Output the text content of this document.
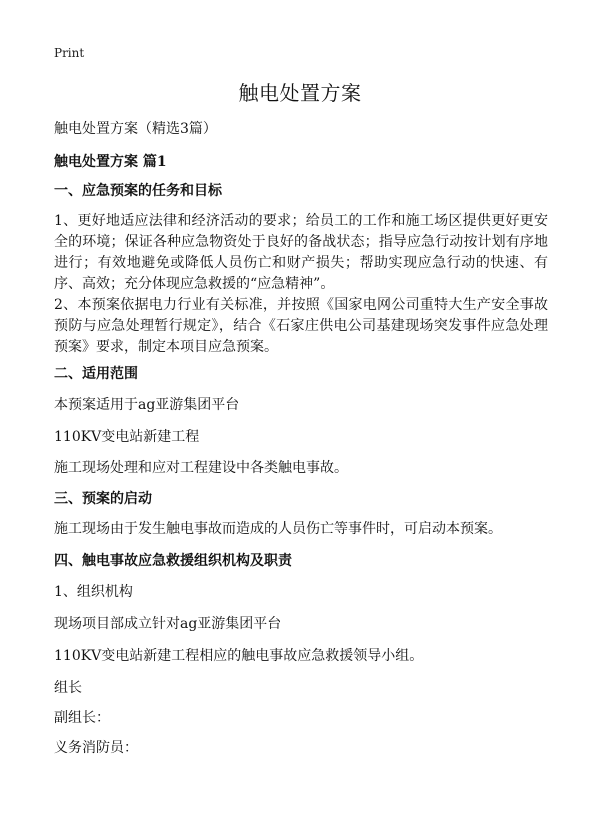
Print
触电处置方案
触电处置方案（精选3篇）
触电处置方案 篇1
一、应急预案的任务和目标
1、更好地适应法律和经济活动的要求；给员工的工作和施工场区提供更好更安全的环境；保证各种应急物资处于良好的备战状态；指导应急行动按计划有序地进行；有效地避免或降低人员伤亡和财产损失；帮助实现应急行动的快速、有序、高效；充分体现应急救援的“应急精神”。
2、本预案依据电力行业有关标准，并按照《国家电网公司重特大生产安全事故预防与应急处理暂行规定》，结合《石家庄供电公司基建现场突发事件应急处理预案》要求，制定本项目应急预案。
二、适用范围
本预案适用于ag亚游集团平台
110KV变电站新建工程
施工现场处理和应对工程建设中各类触电事故。
三、预案的启动
施工现场由于发生触电事故而造成的人员伤亡等事件时，可启动本预案。
四、触电事故应急救援组织机构及职责
1、组织机构
现场项目部成立针对ag亚游集团平台
110KV变电站新建工程相应的触电事故应急救援领导小组。
组长
副组长：
义务消防员：
